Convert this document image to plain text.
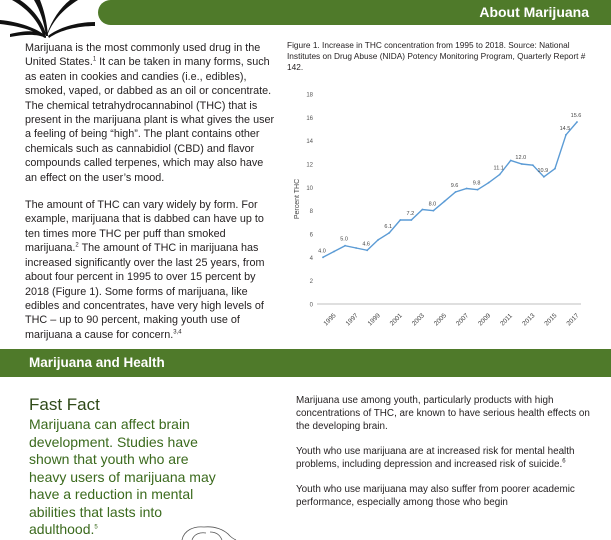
About Marijuana

Marijuana is the most commonly used drug in the United States.$^1$ It can be taken in many forms, such as eaten in cookies and candies (i.e., edibles), smoked, vaped, or dabbed as an oil or concentrate. The chemical tetrahydrocannabinol (THC) that is present in the marijuana plant is what gives the user a feeling of being “high”. The plant contains other chemicals such as cannabidiol (CBD) and flavor compounds called terpenes, which may also have an effect on the user’s mood.

The amount of THC can vary widely by form. For example, marijuana that is dabbed can have up to ten times more THC per puff than smoked marijuana.$^2$ The amount of THC in marijuana has increased significantly over the last 25 years, from about four percent in 1995 to over 15 percent by 2018 (Figure 1). Some forms of marijuana, like edibles and concentrates, have very high levels of THC – up to 90 percent, making youth use of marijuana a cause for concern.$^{3,4}$

Figure 1. Increase in THC concentration from 1995 to 2018. Source: National Institutes on Drug Abuse (NIDA) Potency Monitoring Program, Quarterly Report # 142.
0
2
4
6
8
10
12
14
16
18
Percent THC
1995 1997 1999 2001 2003 2005 2007 2009 2011 2013 2015 2017
4.0
5.0
4.6
6.1
7.2
8.0
9.6	9.8
11.1
12.0
10.9
14.5
15.6
Marijuana and Health
Fast Fact
Marijuana can affect brain development. Studies have shown that youth who are heavy users of marijuana may have a reduction in mental abilities that lasts into adulthood.$^5$

Marijuana use among youth, particularly products with high concentrations of THC, are known to have serious health effects on the developing brain.

Youth who use marijuana are at increased risk for mental health problems, including depression and increased risk of suicide.$^6$

Youth who use marijuana may also suffer from poorer academic performance, especially among those who begin
